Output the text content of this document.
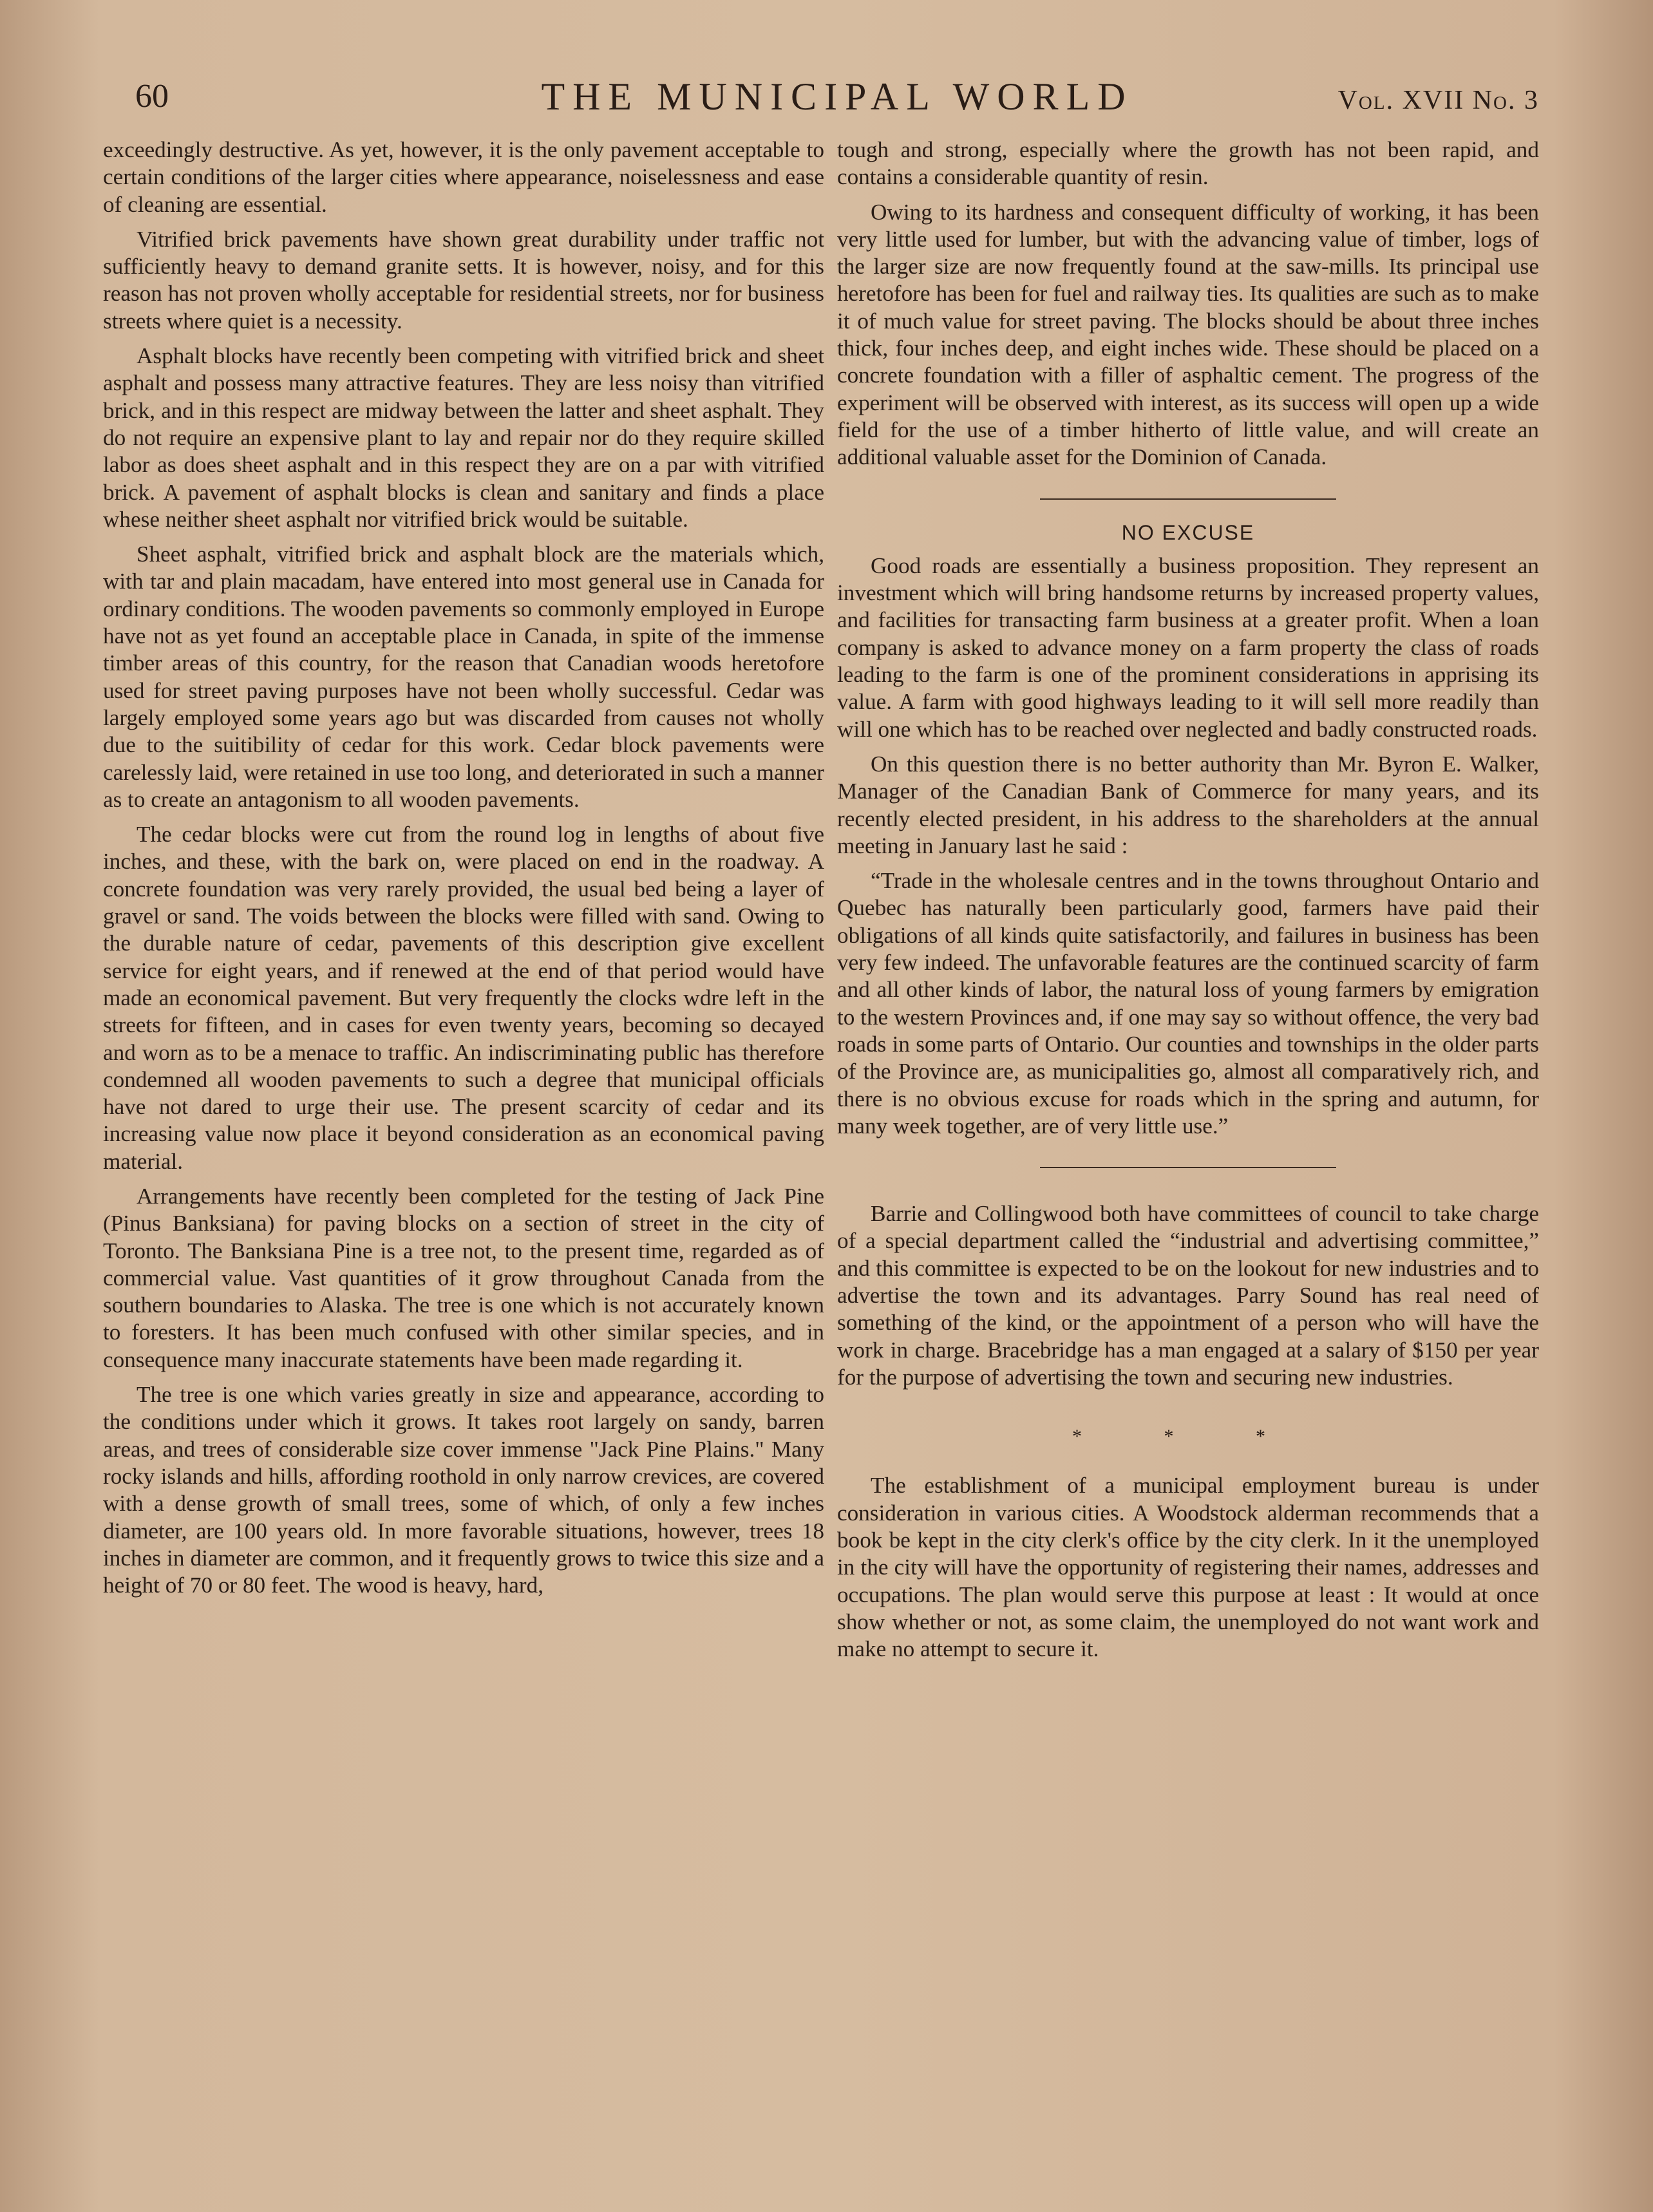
60	THE MUNICIPAL WORLD	Vol. XVII No. 3

exceedingly destructive. As yet, however, it is the only pavement acceptable to certain conditions of the larger cities where appearance, noiselessness and ease of cleaning are essential.

Vitrified brick pavements have shown great durability under traffic not sufficiently heavy to demand granite setts. It is however, noisy, and for this reason has not proven wholly acceptable for residential streets, nor for business streets where quiet is a necessity.

Asphalt blocks have recently been competing with vitrified brick and sheet asphalt and possess many attractive features. They are less noisy than vitrified brick, and in this respect are midway between the latter and sheet asphalt. They do not require an expensive plant to lay and repair nor do they require skilled labor as does sheet asphalt and in this respect they are on a par with vitrified brick. A pavement of asphalt blocks is clean and sanitary and finds a place whese neither sheet asphalt nor vitrified brick would be suitable.

Sheet asphalt, vitrified brick and asphalt block are the materials which, with tar and plain macadam, have entered into most general use in Canada for ordinary conditions. The wooden pavements so commonly employed in Europe have not as yet found an acceptable place in Canada, in spite of the immense timber areas of this country, for the reason that Canadian woods heretofore used for street paving purposes have not been wholly successful. Cedar was largely employed some years ago but was discarded from causes not wholly due to the suitibility of cedar for this work. Cedar block pavements were carelessly laid, were retained in use too long, and deteriorated in such a manner as to create an antagonism to all wooden pavements.

The cedar blocks were cut from the round log in lengths of about five inches, and these, with the bark on, were placed on end in the roadway. A concrete foundation was very rarely provided, the usual bed being a layer of gravel or sand. The voids between the blocks were filled with sand. Owing to the durable nature of cedar, pavements of this description give excellent service for eight years, and if renewed at the end of that period would have made an economical pavement. But very frequently the clocks wdre left in the streets for fifteen, and in cases for even twenty years, becoming so decayed and worn as to be a menace to traffic. An indiscriminating public has therefore condemned all wooden pavements to such a degree that municipal officials have not dared to urge their use. The present scarcity of cedar and its increasing value now place it beyond consideration as an economical paving material.

Arrangements have recently been completed for the testing of Jack Pine (Pinus Banksiana) for paving blocks on a section of street in the city of Toronto. The Banksiana Pine is a tree not, to the present time, regarded as of commercial value. Vast quantities of it grow throughout Canada from the southern boundaries to Alaska. The tree is one which is not accurately known to foresters. It has been much confused with other similar species, and in consequence many inaccurate statements have been made regarding it.

The tree is one which varies greatly in size and appearance, according to the conditions under which it grows. It takes root largely on sandy, barren areas, and trees of considerable size cover immense "Jack Pine Plains." Many rocky islands and hills, affording roothold in only narrow crevices, are covered with a dense growth of small trees, some of which, of only a few inches diameter, are 100 years old. In more favorable situations, however, trees 18 inches in diameter are common, and it frequently grows to twice this size and a height of 70 or 80 feet. The wood is heavy, hard,

tough and strong, especially where the growth has not been rapid, and contains a considerable quantity of resin.

Owing to its hardness and consequent difficulty of working, it has been very little used for lumber, but with the advancing value of timber, logs of the larger size are now frequently found at the saw-mills. Its principal use heretofore has been for fuel and railway ties. Its qualities are such as to make it of much value for street paving. The blocks should be about three inches thick, four inches deep, and eight inches wide. These should be placed on a concrete foundation with a filler of asphaltic cement. The progress of the experiment will be observed with interest, as its success will open up a wide field for the use of a timber hitherto of little value, and will create an additional valuable asset for the Dominion of Canada.

NO EXCUSE

Good roads are essentially a business proposition. They represent an investment which will bring handsome returns by increased property values, and facilities for transacting farm business at a greater profit. When a loan company is asked to advance money on a farm property the class of roads leading to the farm is one of the prominent considerations in apprising its value. A farm with good highways leading to it will sell more readily than will one which has to be reached over neglected and badly constructed roads.

On this question there is no better authority than Mr. Byron E. Walker, Manager of the Canadian Bank of Commerce for many years, and its recently elected president, in his address to the shareholders at the annual meeting in January last he said :

“Trade in the wholesale centres and in the towns throughout Ontario and Quebec has naturally been particularly good, farmers have paid their obligations of all kinds quite satisfactorily, and failures in business has been very few indeed. The unfavorable features are the continued scarcity of farm and all other kinds of labor, the natural loss of young farmers by emigration to the western Provinces and, if one may say so without offence, the very bad roads in some parts of Ontario. Our counties and townships in the older parts of the Province are, as municipalities go, almost all comparatively rich, and there is no obvious excuse for roads which in the spring and autumn, for many week together, are of very little use.”

Barrie and Collingwood both have committees of council to take charge of a special department called the “industrial and advertising committee,” and this committee is expected to be on the lookout for new industries and to advertise the town and its advantages. Parry Sound has real need of something of the kind, or the appointment of a person who will have the work in charge. Bracebridge has a man engaged at a salary of $150 per year for the purpose of advertising the town and securing new industries.

* * *

The establishment of a municipal employment bureau is under consideration in various cities. A Woodstock alderman recommends that a book be kept in the city clerk's office by the city clerk. In it the unemployed in the city will have the opportunity of registering their names, addresses and occupations. The plan would serve this purpose at least : It would at once show whether or not, as some claim, the unemployed do not want work and make no attempt to secure it.
